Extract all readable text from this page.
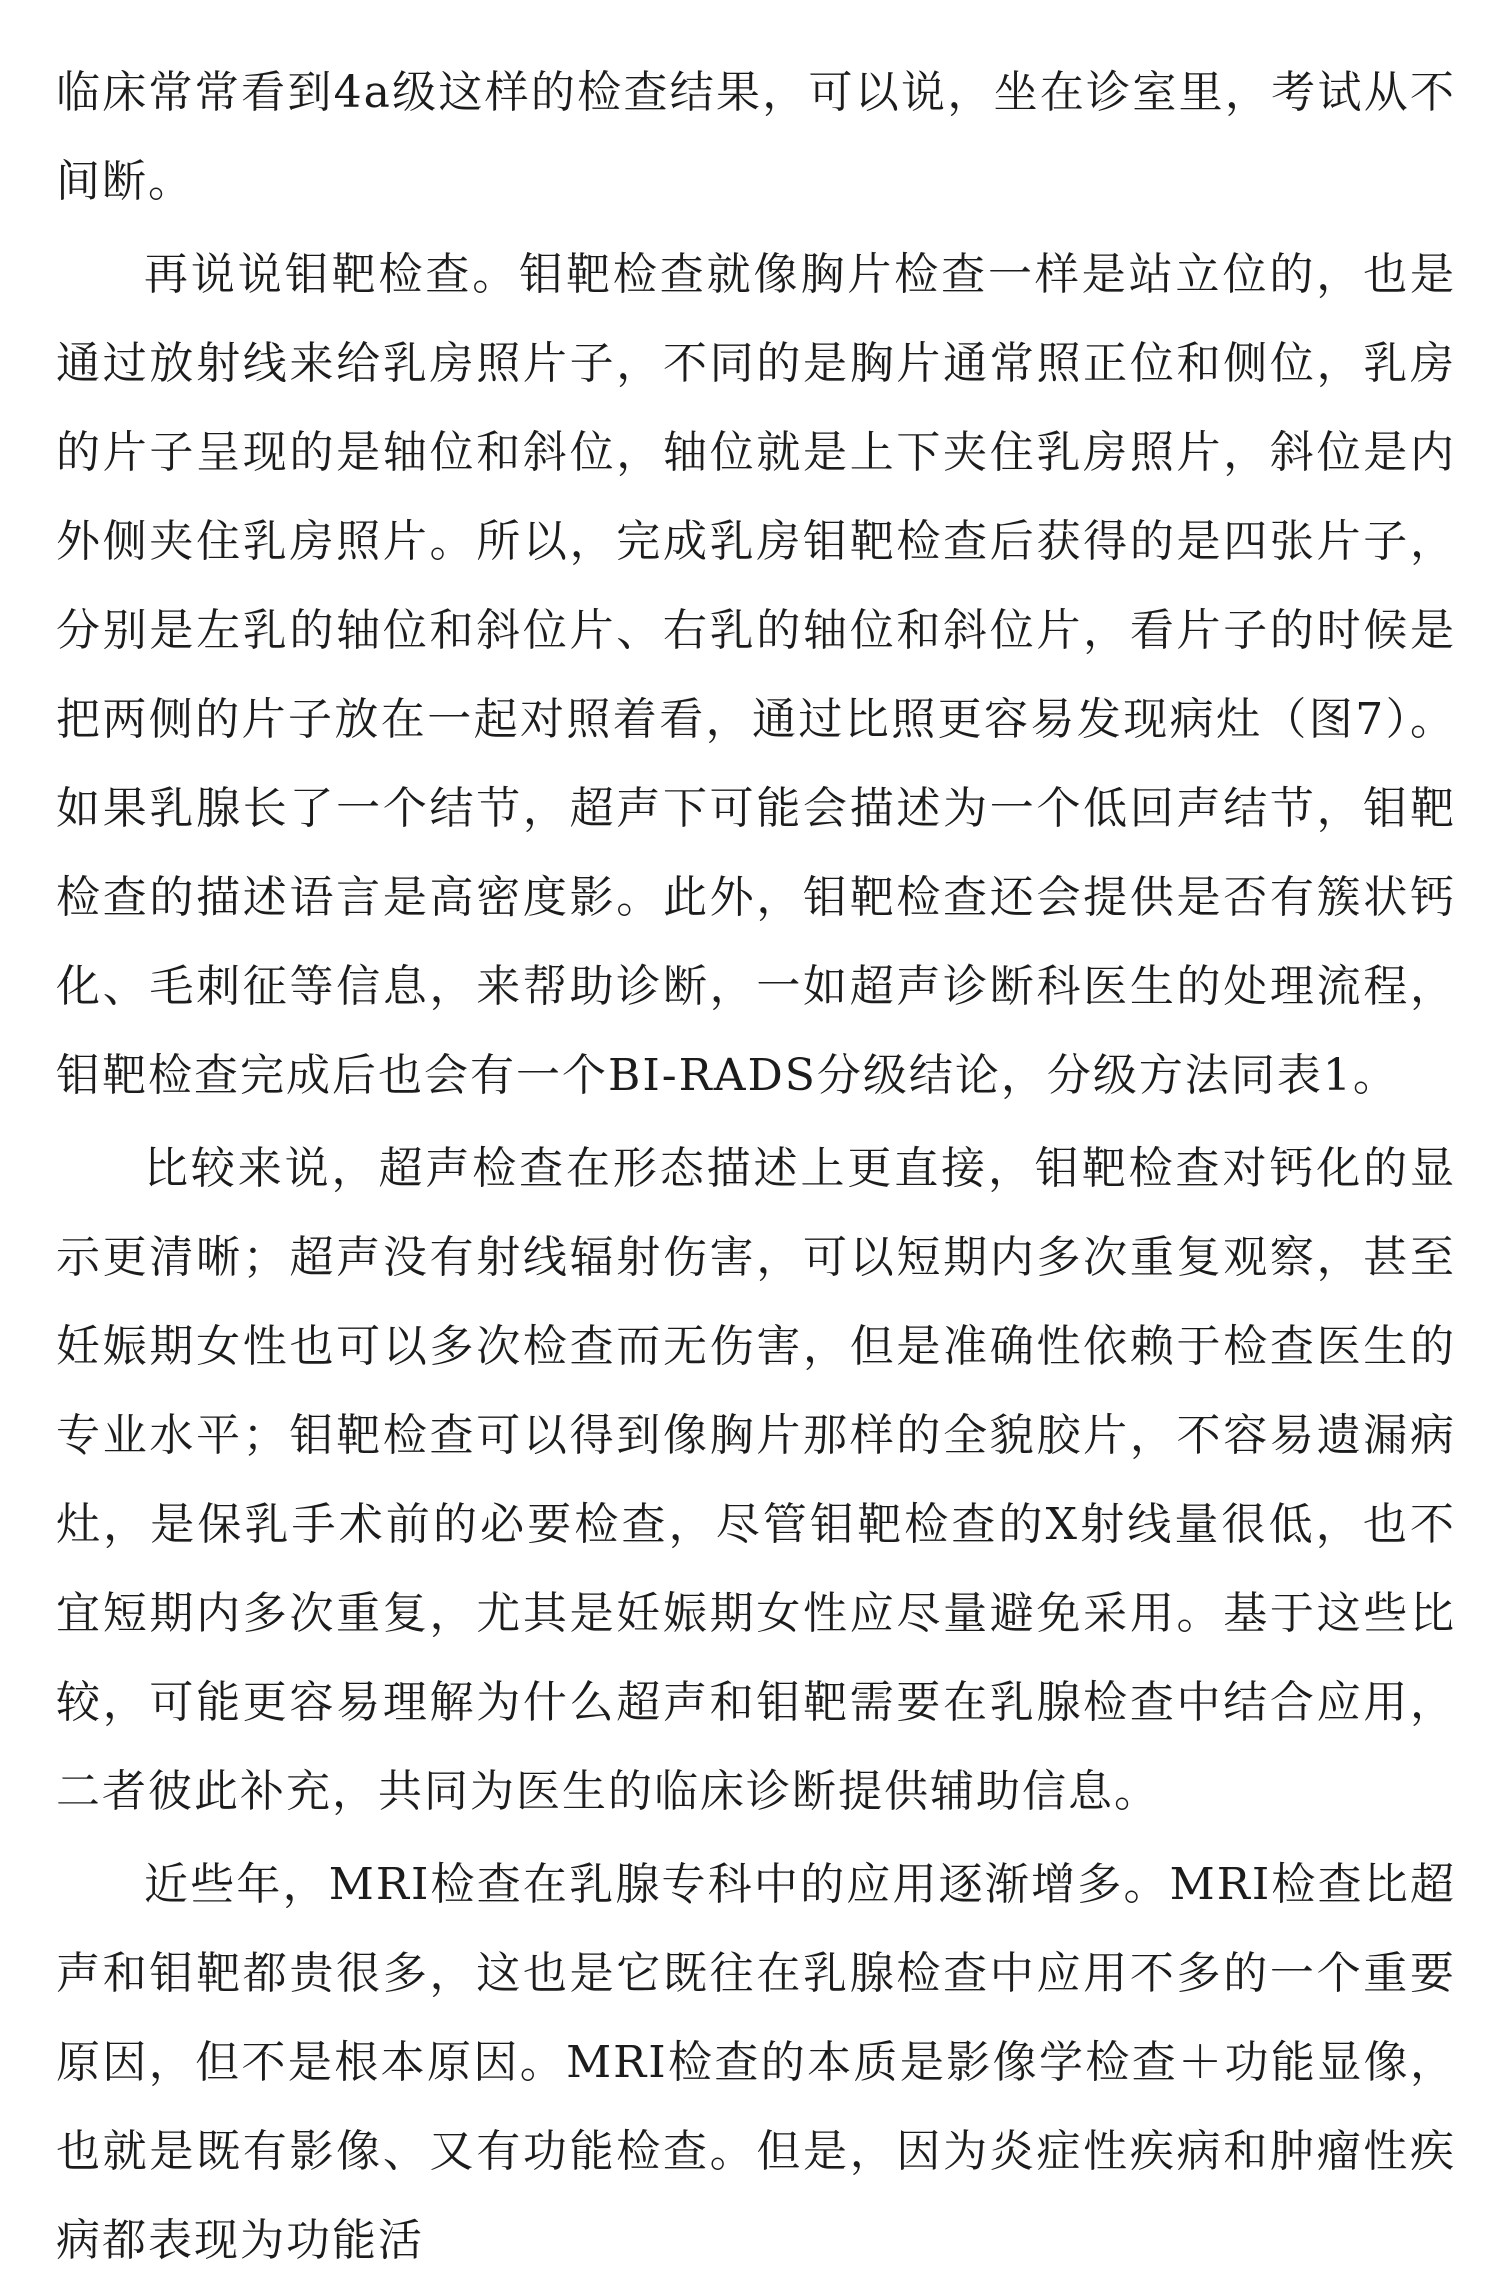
临床常常看到4a级这样的检查结果，可以说，坐在诊室里，考试从不间断。

再说说钼靶检查。钼靶检查就像胸片检查一样是站立位的，也是通过放射线来给乳房照片子，不同的是胸片通常照正位和侧位，乳房的片子呈现的是轴位和斜位，轴位就是上下夹住乳房照片，斜位是内外侧夹住乳房照片。所以，完成乳房钼靶检查后获得的是四张片子，分别是左乳的轴位和斜位片、右乳的轴位和斜位片，看片子的时候是把两侧的片子放在一起对照着看，通过比照更容易发现病灶（图7）。如果乳腺长了一个结节，超声下可能会描述为一个低回声结节，钼靶检查的描述语言是高密度影。此外，钼靶检查还会提供是否有簇状钙化、毛刺征等信息，来帮助诊断，一如超声诊断科医生的处理流程，钼靶检查完成后也会有一个BI-RADS分级结论，分级方法同表1。

比较来说，超声检查在形态描述上更直接，钼靶检查对钙化的显示更清晰；超声没有射线辐射伤害，可以短期内多次重复观察，甚至妊娠期女性也可以多次检查而无伤害，但是准确性依赖于检查医生的专业水平；钼靶检查可以得到像胸片那样的全貌胶片，不容易遗漏病灶，是保乳手术前的必要检查，尽管钼靶检查的X射线量很低，也不宜短期内多次重复，尤其是妊娠期女性应尽量避免采用。基于这些比较，可能更容易理解为什么超声和钼靶需要在乳腺检查中结合应用，二者彼此补充，共同为医生的临床诊断提供辅助信息。

近些年，MRI检查在乳腺专科中的应用逐渐增多。MRI检查比超声和钼靶都贵很多，这也是它既往在乳腺检查中应用不多的一个重要原因，但不是根本原因。MRI检查的本质是影像学检查＋功能显像，也就是既有影像、又有功能检查。但是，因为炎症性疾病和肿瘤性疾病都表现为功能活
